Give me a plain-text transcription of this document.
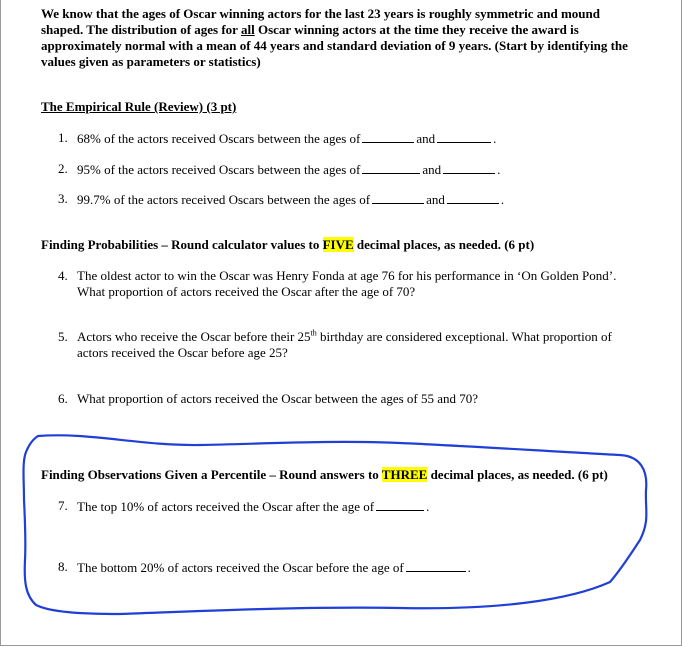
We know that the ages of Oscar winning actors for the last 23 years is roughly symmetric and mound shaped. The distribution of ages for all Oscar winning actors at the time they receive the award is approximately normal with a mean of 44 years and standard deviation of 9 years. (Start by identifying the values given as parameters or statistics)
The Empirical Rule (Review) (3 pt)
1. 68% of the actors received Oscars between the ages of	and	.
2. 95% of the actors received Oscars between the ages of	and	.
3. 99.7% of the actors received Oscars between the ages of	and	.
Finding Probabilities – Round calculator values to FIVE decimal places, as needed. (6 pt)
4. The oldest actor to win the Oscar was Henry Fonda at age 76 for his performance in ‘On Golden Pond’. What proportion of actors received the Oscar after the age of 70?
5. Actors who receive the Oscar before their 25th birthday are considered exceptional. What proportion of actors received the Oscar before age 25?
6. What proportion of actors received the Oscar between the ages of 55 and 70?
Finding Observations Given a Percentile – Round answers to THREE decimal places, as needed. (6 pt)
7. The top 10% of actors received the Oscar after the age of	.
8. The bottom 20% of actors received the Oscar before the age of	.
